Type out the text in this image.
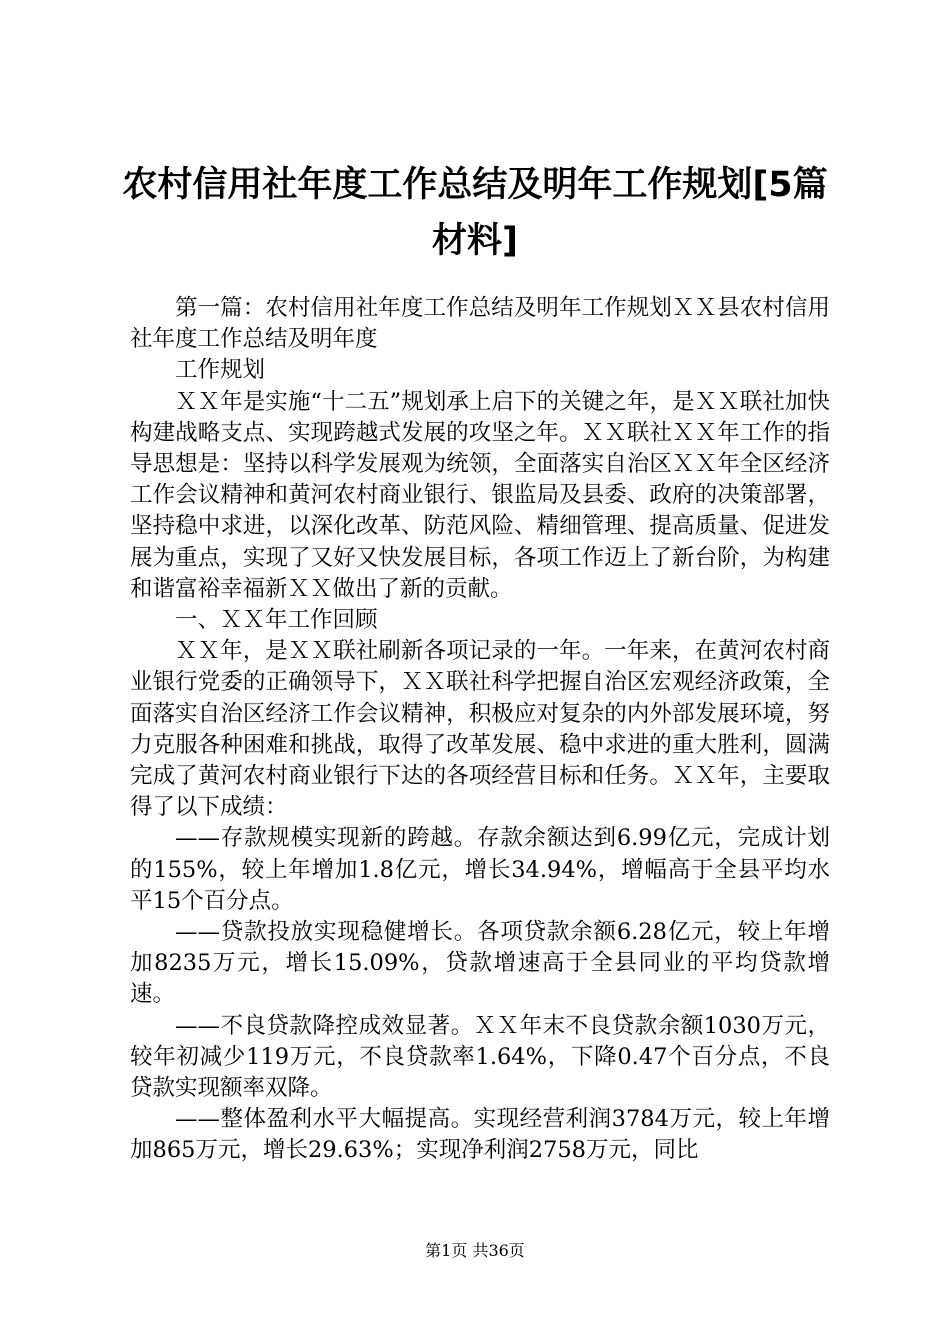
农村信用社年度工作总结及明年工作规划[5篇材料]

第一篇：农村信用社年度工作总结及明年工作规划ＸＸ县农村信用社年度工作总结及明年度

工作规划

ＸＸ年是实施“十二五”规划承上启下的关键之年，是ＸＸ联社加快构建战略支点、实现跨越式发展的攻坚之年。ＸＸ联社ＸＸ年工作的指导思想是：坚持以科学发展观为统领，全面落实自治区ＸＸ年全区经济工作会议精神和黄河农村商业银行、银监局及县委、政府的决策部署，坚持稳中求进，以深化改革、防范风险、精细管理、提高质量、促进发展为重点，实现了又好又快发展目标，各项工作迈上了新台阶，为构建和谐富裕幸福新ＸＸ做出了新的贡献。

一、ＸＸ年工作回顾

ＸＸ年，是ＸＸ联社刷新各项记录的一年。一年来，在黄河农村商业银行党委的正确领导下，ＸＸ联社科学把握自治区宏观经济政策，全面落实自治区经济工作会议精神，积极应对复杂的内外部发展环境，努力克服各种困难和挑战，取得了改革发展、稳中求进的重大胜利，圆满完成了黄河农村商业银行下达的各项经营目标和任务。ＸＸ年，主要取得了以下成绩：

——存款规模实现新的跨越。存款余额达到6.99亿元，完成计划的155%，较上年增加1.8亿元，增长34.94%，增幅高于全县平均水平15个百分点。

——贷款投放实现稳健增长。各项贷款余额6.28亿元，较上年增加8235万元，增长15.09%，贷款增速高于全县同业的平均贷款增速。

——不良贷款降控成效显著。ＸＸ年末不良贷款余额1030万元，较年初减少119万元，不良贷款率1.64%，下降0.47个百分点，不良贷款实现额率双降。

——整体盈利水平大幅提高。实现经营利润3784万元，较上年增加865万元，增长29.63%；实现净利润2758万元，同比

第1页 共36页
